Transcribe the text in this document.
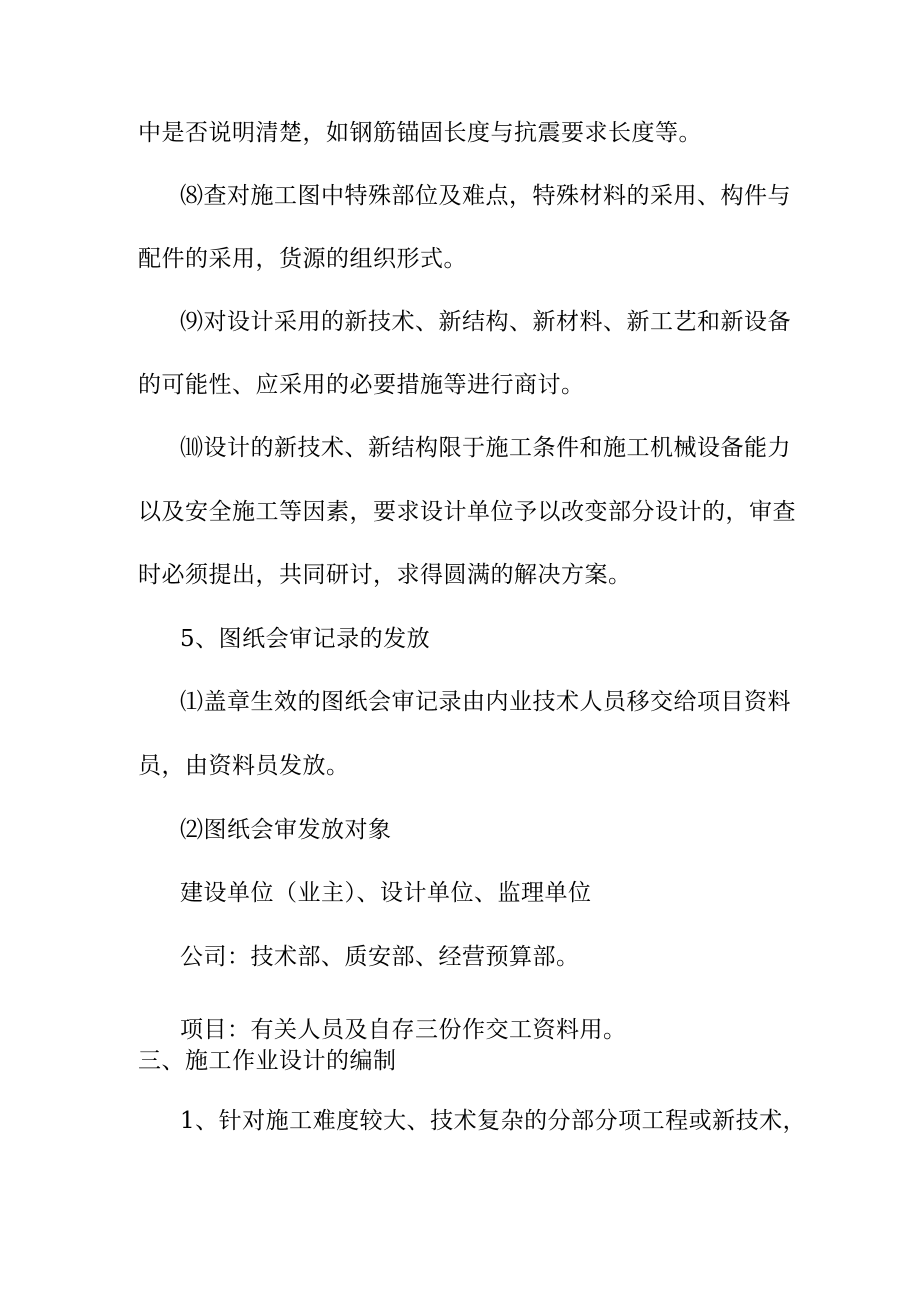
中是否说明清楚，如钢筋锚固长度与抗震要求长度等。
⑻查对施工图中特殊部位及难点，特殊材料的采用、构件与
配件的采用，货源的组织形式。
⑼对设计采用的新技术、新结构、新材料、新工艺和新设备
的可能性、应采用的必要措施等进行商讨。
⑽设计的新技术、新结构限于施工条件和施工机械设备能力
以及安全施工等因素，要求设计单位予以改变部分设计的，审查
时必须提出，共同研讨，求得圆满的解决方案。
5、图纸会审记录的发放
⑴盖章生效的图纸会审记录由内业技术人员移交给项目资料
员，由资料员发放。
⑵图纸会审发放对象
建设单位（业主）、设计单位、监理单位
公司：技术部、质安部、经营预算部。
项目：有关人员及自存三份作交工资料用。
三、施工作业设计的编制
1、针对施工难度较大、技术复杂的分部分项工程或新技术，
